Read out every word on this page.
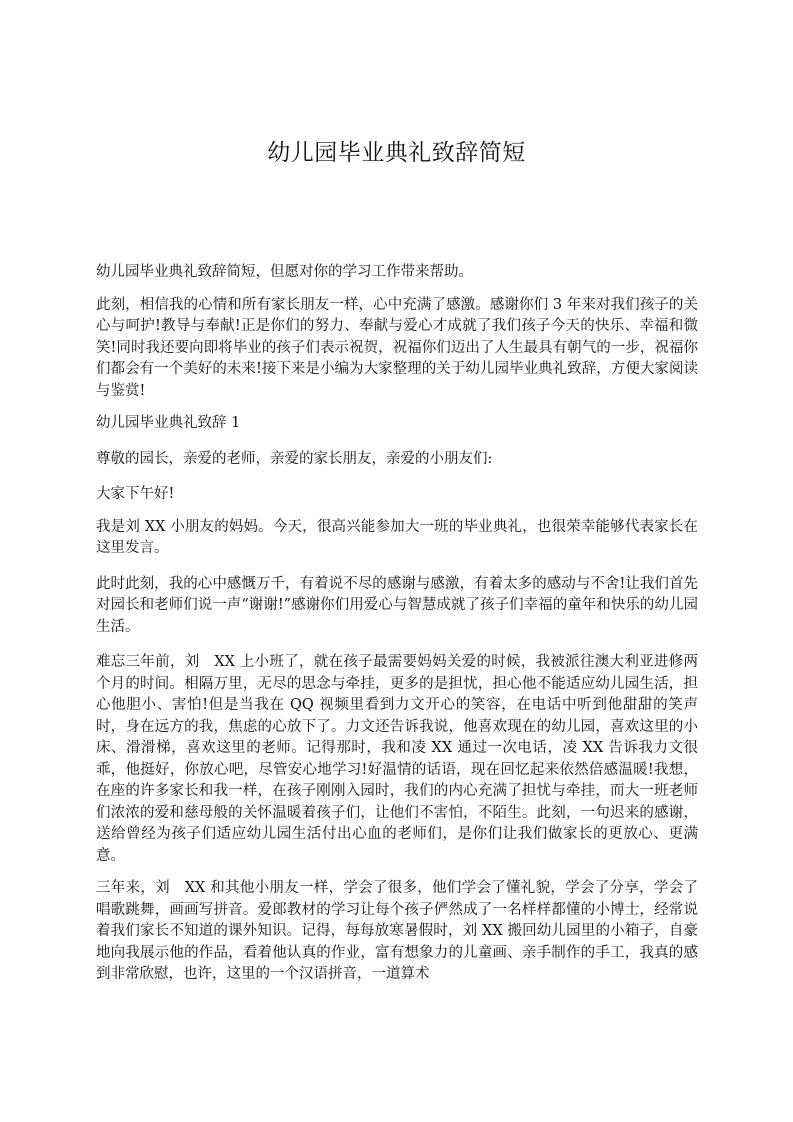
幼儿园毕业典礼致辞简短

幼儿园毕业典礼致辞简短，但愿对你的学习工作带来帮助。

此刻，相信我的心情和所有家长朋友一样，心中充满了感激。感谢你们 3 年来对我们孩子的关心与呵护!教导与奉献!正是你们的努力、奉献与爱心才成就了我们孩子今天的快乐、幸福和微笑!同时我还要向即将毕业的孩子们表示祝贺，祝福你们迈出了人生最具有朝气的一步，祝福你们都会有一个美好的未来!接下来是小编为大家整理的关于幼儿园毕业典礼致辞，方便大家阅读与鉴赏!

幼儿园毕业典礼致辞 1

尊敬的园长，亲爱的老师，亲爱的家长朋友，亲爱的小朋友们:

大家下午好!

我是刘 XX 小朋友的妈妈。今天，很高兴能参加大一班的毕业典礼，也很荣幸能够代表家长在这里发言。

此时此刻，我的心中感慨万千，有着说不尽的感谢与感激，有着太多的感动与不舍!让我们首先对园长和老师们说一声“谢谢!”感谢你们用爱心与智慧成就了孩子们幸福的童年和快乐的幼儿园生活。

难忘三年前，刘　XX 上小班了，就在孩子最需要妈妈关爱的时候，我被派往澳大利亚进修两个月的时间。相隔万里，无尽的思念与牵挂，更多的是担忧，担心他不能适应幼儿园生活，担心他胆小、害怕!但是当我在 QQ 视频里看到力文开心的笑容，在电话中听到他甜甜的笑声时，身在远方的我，焦虑的心放下了。力文还告诉我说，他喜欢现在的幼儿园，喜欢这里的小床、滑滑梯，喜欢这里的老师。记得那时，我和凌 XX 通过一次电话，凌 XX 告诉我力文很乖，他挺好，你放心吧，尽管安心地学习!好温情的话语，现在回忆起来依然倍感温暖!我想，在座的许多家长和我一样，在孩子刚刚入园时，我们的内心充满了担忧与牵挂，而大一班老师们浓浓的爱和慈母般的关怀温暖着孩子们，让他们不害怕，不陌生。此刻，一句迟来的感谢，送给曾经为孩子们适应幼儿园生活付出心血的老师们，是你们让我们做家长的更放心、更满意。

三年来，刘　XX 和其他小朋友一样，学会了很多，他们学会了懂礼貌，学会了分享，学会了唱歌跳舞，画画写拼音。爱郎教材的学习让每个孩子俨然成了一名样样都懂的小博士，经常说着我们家长不知道的课外知识。记得，每每放寒暑假时，刘 XX 搬回幼儿园里的小箱子，自豪地向我展示他的作品，看着他认真的作业，富有想象力的儿童画、亲手制作的手工，我真的感到非常欣慰，也许，这里的一个汉语拼音，一道算术
